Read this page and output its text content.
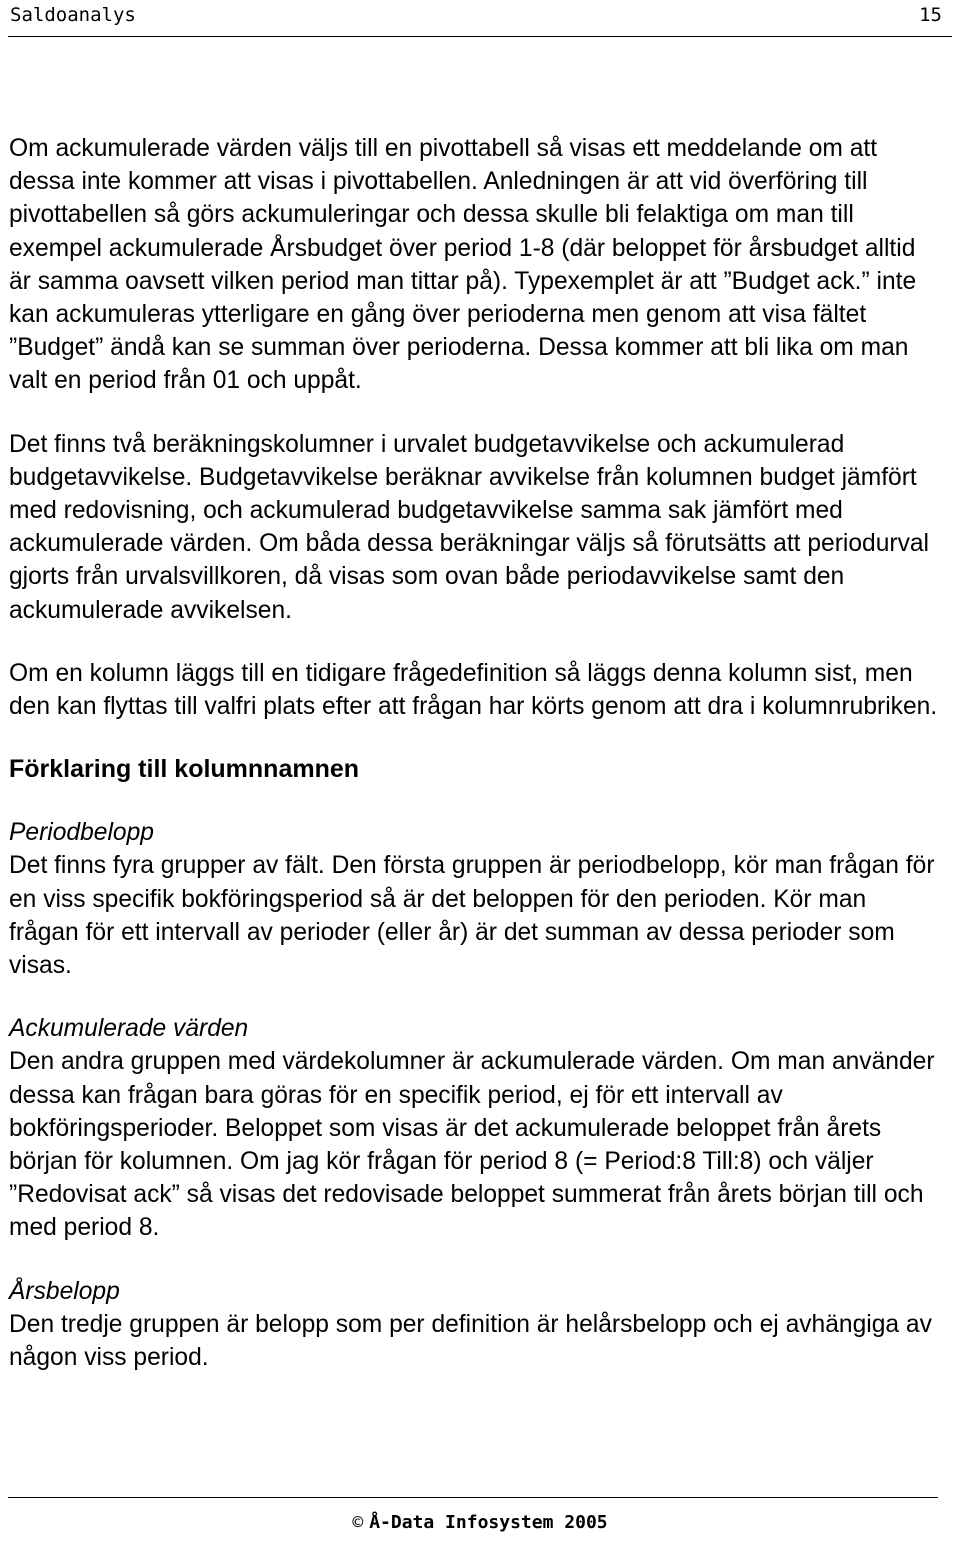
Saldoanalys	15

Om ackumulerade värden väljs till en pivottabell så visas ett meddelande om att dessa inte kommer att visas i pivottabellen. Anledningen är att vid överföring till pivottabellen så görs ackumuleringar och dessa skulle bli felaktiga om man till exempel ackumulerade Årsbudget över period 1-8 (där beloppet för årsbudget alltid är samma oavsett vilken period man tittar på). Typexemplet är att ”Budget ack.” inte kan ackumuleras ytterligare en gång över perioderna men genom att visa fältet ”Budget” ändå kan se summan över perioderna. Dessa kommer att bli lika om man valt en period från 01 och uppåt.

Det finns två beräkningskolumner i urvalet budgetavvikelse och ackumulerad budgetavvikelse. Budgetavvikelse beräknar avvikelse från kolumnen budget jämfört med redovisning, och ackumulerad budgetavvikelse samma sak jämfört med ackumulerade värden. Om båda dessa beräkningar väljs så förutsätts att periodurval gjorts från urvalsvillkoren, då visas som ovan både periodavvikelse samt den ackumulerade avvikelsen.

Om en kolumn läggs till en tidigare frågedefinition så läggs denna kolumn sist, men den kan flyttas till valfri plats efter att frågan har körts genom att dra i kolumnrubriken.

Förklaring till kolumnnamnen
Periodbelopp

Det finns fyra grupper av fält. Den första gruppen är periodbelopp, kör man frågan för en viss specifik bokföringsperiod så är det beloppen för den perioden. Kör man frågan för ett intervall av perioder (eller år) är det summan av dessa perioder som visas.

Ackumulerade värden

Den andra gruppen med värdekolumner är ackumulerade värden. Om man använder dessa kan frågan bara göras för en specifik period, ej för ett intervall av bokföringsperioder. Beloppet som visas är det ackumulerade beloppet från årets början för kolumnen. Om jag kör frågan för period 8 (= Period:8 Till:8) och väljer ”Redovisat ack” så visas det redovisade beloppet summerat från årets början till och med period 8.

Årsbelopp

Den tredje gruppen är belopp som per definition är helårsbelopp och ej avhängiga av någon viss period.

© Å-Data Infosystem 2005
